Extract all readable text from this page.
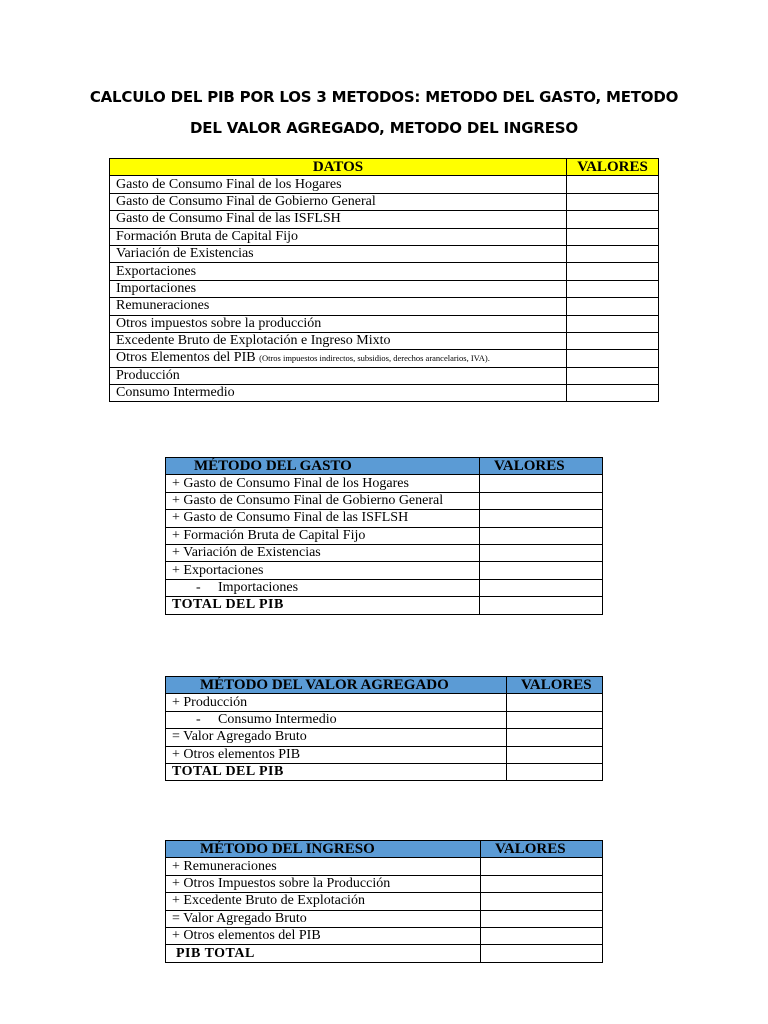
CALCULO DEL PIB POR LOS 3 METODOS: METODO DEL GASTO, METODO
DEL VALOR AGREGADO, METODO DEL INGRESO
DATOS	VALORES
Gasto de Consumo Final de los Hogares	
Gasto de Consumo Final de Gobierno General	
Gasto de Consumo Final de las ISFLSH	
Formación Bruta de Capital Fijo	
Variación de Existencias	
Exportaciones	
Importaciones	
Remuneraciones	
Otros impuestos sobre la producción	
Excedente Bruto de Explotación e Ingreso Mixto	
Otros Elementos del PIB (Otros impuestos indirectos, subsidios, derechos arancelarios, IVA).	
Producción	
Consumo Intermedio	
MÉTODO DEL GASTO	VALORES
+ Gasto de Consumo Final de los Hogares	
+ Gasto de Consumo Final de Gobierno General	
+ Gasto de Consumo Final de las ISFLSH	
+ Formación Bruta de Capital Fijo	
+ Variación de Existencias	
+ Exportaciones	
- Importaciones	
TOTAL DEL PIB	
MÉTODO DEL VALOR AGREGADO	VALORES
+ Producción	
- Consumo Intermedio	
= Valor Agregado Bruto	
+ Otros elementos PIB	
TOTAL DEL PIB	
MÉTODO DEL INGRESO	VALORES
+ Remuneraciones	
+ Otros Impuestos sobre la Producción	
+ Excedente Bruto de Explotación	
= Valor Agregado Bruto	
+ Otros elementos del PIB	
PIB TOTAL	
